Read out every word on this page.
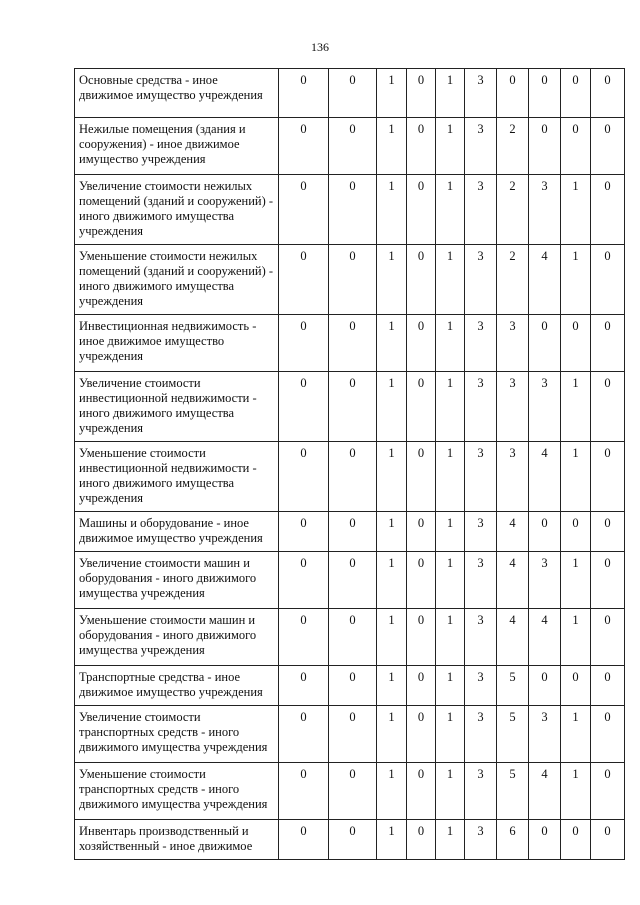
136
Основные средства - иное движимое имущество учреждения	0	0	1	0	1	3	0	0	0	0
Нежилые помещения (здания и сооружения) - иное движимое имущество учреждения	0	0	1	0	1	3	2	0	0	0
Увеличение стоимости нежилых помещений (зданий и сооружений) - иного движимого имущества учреждения	0	0	1	0	1	3	2	3	1	0
Уменьшение стоимости нежилых помещений (зданий и сооружений) - иного движимого имущества учреждения	0	0	1	0	1	3	2	4	1	0
Инвестиционная недвижимость - иное движимое имущество учреждения	0	0	1	0	1	3	3	0	0	0
Увеличение стоимости инвестиционной недвижимости - иного движимого имущества учреждения	0	0	1	0	1	3	3	3	1	0
Уменьшение стоимости инвестиционной недвижимости - иного движимого имущества учреждения	0	0	1	0	1	3	3	4	1	0
Машины и оборудование - иное движимое имущество учреждения	0	0	1	0	1	3	4	0	0	0
Увеличение стоимости машин и оборудования - иного движимого имущества учреждения	0	0	1	0	1	3	4	3	1	0
Уменьшение стоимости машин и оборудования - иного движимого имущества учреждения	0	0	1	0	1	3	4	4	1	0
Транспортные средства - иное движимое имущество учреждения	0	0	1	0	1	3	5	0	0	0
Увеличение стоимости транспортных средств - иного движимого имущества учреждения	0	0	1	0	1	3	5	3	1	0
Уменьшение стоимости транспортных средств - иного движимого имущества учреждения	0	0	1	0	1	3	5	4	1	0
Инвентарь производственный и хозяйственный - иное движимое	0	0	1	0	1	3	6	0	0	0
